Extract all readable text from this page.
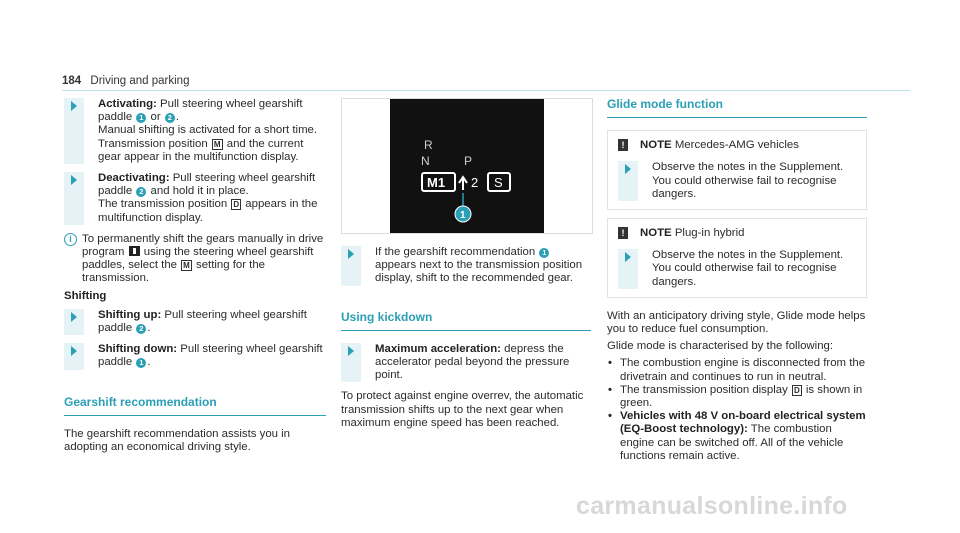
184 Driving and parking

Activating: Pull steering wheel gearshift paddle 1 or 2 .

Manual shifting is activated for a short time. Transmission position M and the current gear appear in the multifunction display.

Deactivating: Pull steering wheel gearshift paddle 2 and hold it in place.

The transmission position D appears in the multifunction display.

i To permanently shift the gears manually in drive program  using the steering wheel gearshift paddles, select the M setting for the transmission.
Shifting

Shifting up: Pull steering wheel gearshift paddle 2 .

Shifting down: Pull steering wheel gearshift paddle 1 .

Gearshift recommendation

The gearshift recommendation assists you in adopting an economical driving style.

R
N	P
M1 2 S
1

If the gearshift recommendation 1 appears next to the transmission position display, shift to the recommended gear.

Using kickdown

Maximum acceleration: depress the accelerator pedal beyond the pressure point.

To protect against engine overrev, the automatic transmission shifts up to the next gear when maximum engine speed has been reached.

Glide mode function
!	NOTE Mercedes-AMG vehicles

Observe the notes in the Supplement. You could otherwise fail to recognise dangers.

!	NOTE Plug-in hybrid

Observe the notes in the Supplement. You could otherwise fail to recognise dangers.

With an anticipatory driving style, Glide mode helps you to reduce fuel consumption.

Glide mode is characterised by the following:

• The combustion engine is disconnected from the drivetrain and continues to run in neutral.
• The transmission position display D is shown in green.
• Vehicles with 48 V on-board electrical system (EQ-Boost technology): The combustion engine can be switched off. All of the vehicle functions remain active.
carmanualsonline.info
